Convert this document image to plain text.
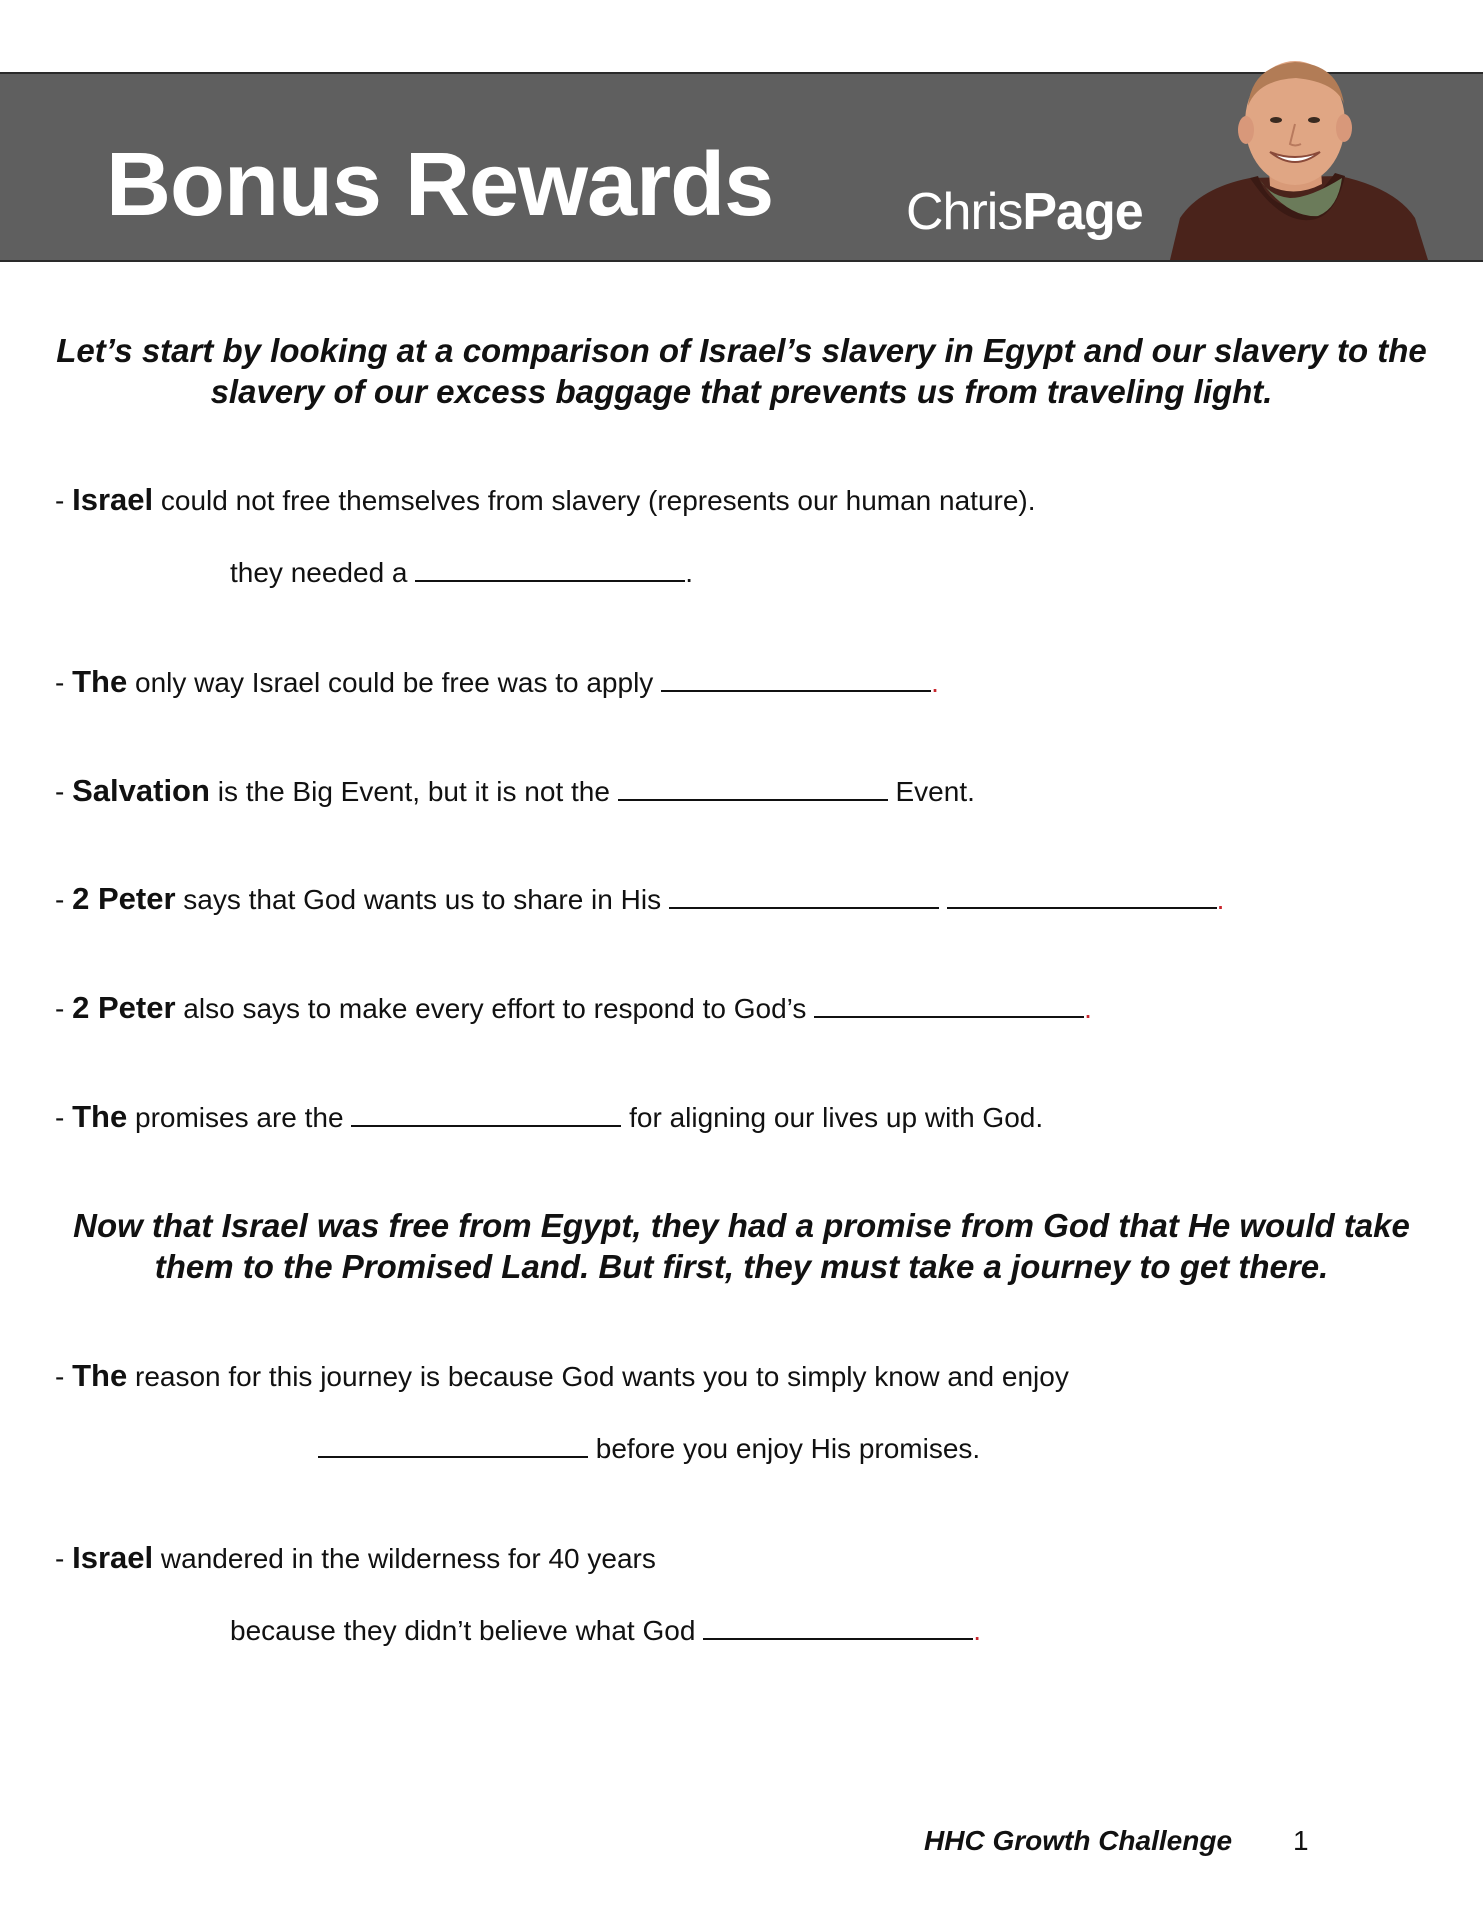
Bonus Rewards	ChrisPage
Let’s start by looking at a comparison of Israel’s slavery in Egypt and our slavery to the slavery of our excess baggage that prevents us from traveling light.
- Israel could not free themselves from slavery (represents our human nature).
they needed a	.
- The only way Israel could be free was to apply	.
- Salvation is the Big Event, but it is not the	Event.
- 2 Peter says that God wants us to share in His	.
- 2 Peter also says to make every effort to respond to God’s	.
- The promises are the	for aligning our lives up with God.
Now that Israel was free from Egypt, they had a promise from God that He would take them to the Promised Land. But first, they must take a journey to get there.
- The reason for this journey is because God wants you to simply know and enjoy
before you enjoy His promises.
- Israel wandered in the wilderness for 40 years
because they didn’t believe what God	.
HHC Growth Challenge 1
